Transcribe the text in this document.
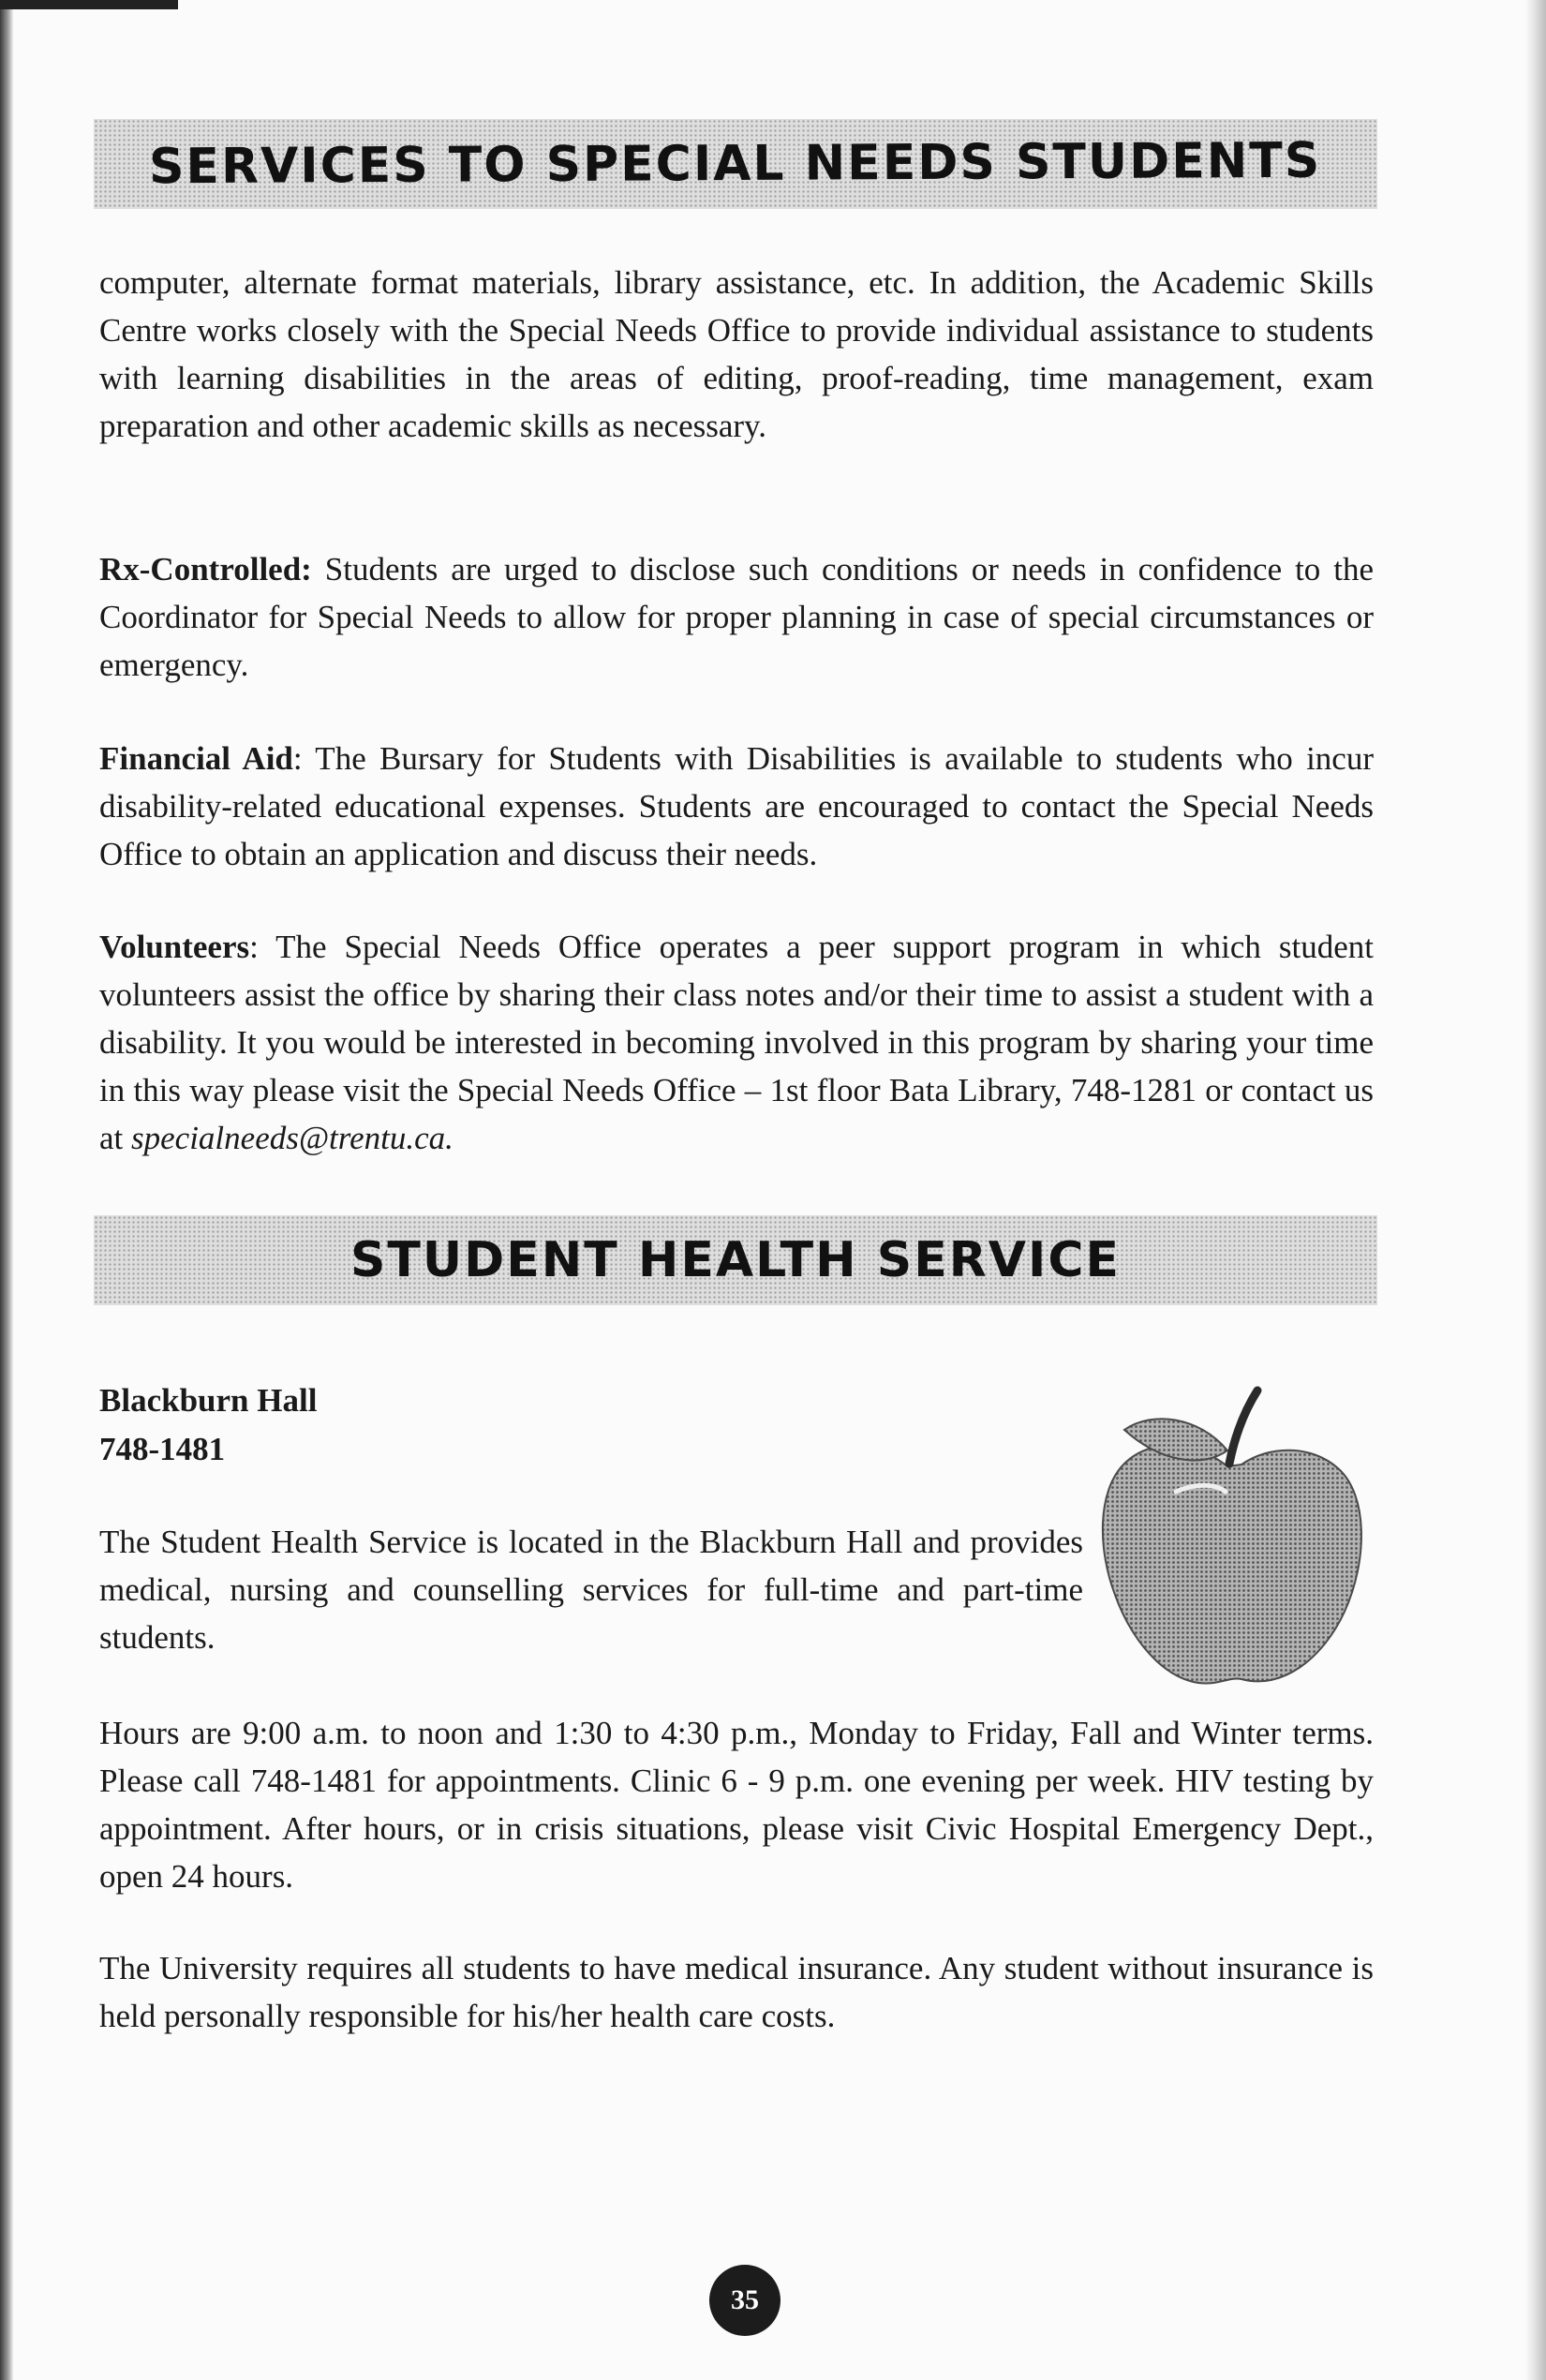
SERVICES TO SPECIAL NEEDS STUDENTS

computer, alternate format materials, library assistance, etc. In addition, the Academic Skills Centre works closely with the Special Needs Office to provide individual assistance to students with learning disabilities in the areas of editing, proof-reading, time management, exam preparation and other academic skills as necessary.

Rx-Controlled: Students are urged to disclose such conditions or needs in confidence to the Coordinator for Special Needs to allow for proper planning in case of special circumstances or emergency.

Financial Aid: The Bursary for Students with Disabilities is available to students who incur disability-related educational expenses. Students are encouraged to contact the Special Needs Office to obtain an application and discuss their needs.

Volunteers: The Special Needs Office operates a peer support program in which student volunteers assist the office by sharing their class notes and/or their time to assist a student with a disability. It you would be interested in becoming involved in this program by sharing your time in this way please visit the Special Needs Office – 1st floor Bata Library, 748-1281 or contact us at specialneeds@trentu.ca.

STUDENT HEALTH SERVICE
Blackburn Hall
748-1481

The Student Health Service is located in the Blackburn Hall and provides medical, nursing and counselling services for full-time and part-time students.

Hours are 9:00 a.m. to noon and 1:30 to 4:30 p.m., Monday to Friday, Fall and Winter terms. Please call 748-1481 for appointments. Clinic 6 - 9 p.m. one evening per week. HIV testing by appointment. After hours, or in crisis situations, please visit Civic Hospital Emergency Dept., open 24 hours.

The University requires all students to have medical insurance. Any student without insurance is held personally responsible for his/her health care costs.

35
